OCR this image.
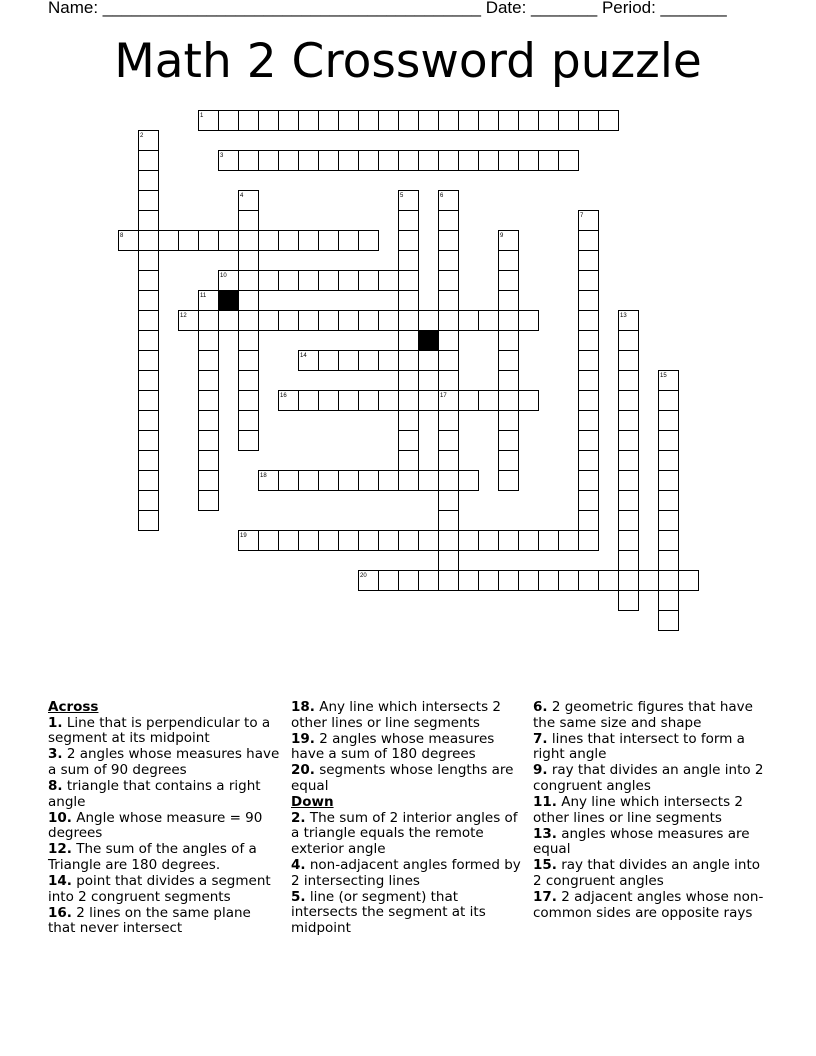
Name: ________________________________________ Date: _______ Period: _______
Math 2 Crossword puzzle
1
2
3
4	5	6
7
8	9
10
11
12	13
14
15
16	17
18
19
20
Across
1. Line that is perpendicular to a segment at its midpoint
3. 2 angles whose measures have a sum of 90 degrees
8. triangle that contains a right angle
10. Angle whose measure = 90 degrees
12. The sum of the angles of a Triangle are 180 degrees.
14. point that divides a segment into 2 congruent segments
16. 2 lines on the same plane that never intersect
18. Any line which intersects 2 other lines or line segments
19. 2 angles whose measures have a sum of 180 degrees
20. segments whose lengths are equal
Down
2. The sum of 2 interior angles of a triangle equals the remote exterior angle
4. non-adjacent angles formed by 2 intersecting lines
5. line (or segment) that intersects the segment at its midpoint
6. 2 geometric figures that have the same size and shape
7. lines that intersect to form a right angle
9. ray that divides an angle into 2 congruent angles
11. Any line which intersects 2 other lines or line segments
13. angles whose measures are equal
15. ray that divides an angle into 2 congruent angles
17. 2 adjacent angles whose non-common sides are opposite rays
